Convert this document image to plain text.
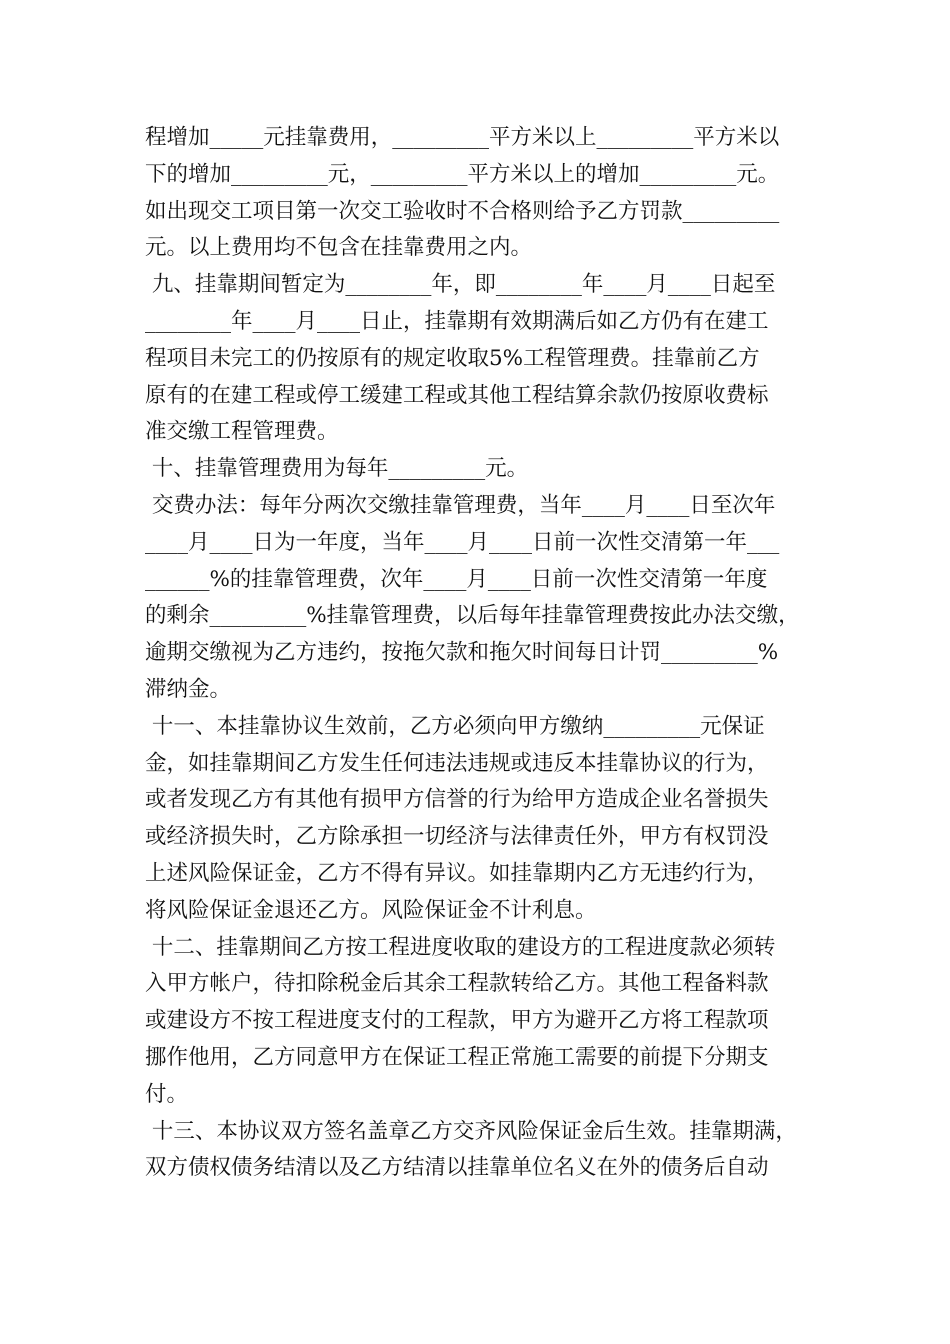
程增加_____元挂靠费用，_________平方米以上_________平方米以
下的增加_________元，_________平方米以上的增加_________元。
如出现交工项目第一次交工验收时不合格则给予乙方罚款_________
元。以上费用均不包含在挂靠费用之内。
九、挂靠期间暂定为________年，即________年____月____日起至
________年____月____日止，挂靠期有效期满后如乙方仍有在建工
程项目未完工的仍按原有的规定收取5%工程管理费。挂靠前乙方
原有的在建工程或停工缓建工程或其他工程结算余款仍按原收费标
准交缴工程管理费。
十、挂靠管理费用为每年_________元。
交费办法：每年分两次交缴挂靠管理费，当年____月____日至次年
____月____日为一年度，当年____月____日前一次性交清第一年___
______%的挂靠管理费，次年____月____日前一次性交清第一年度
的剩余_________%挂靠管理费，以后每年挂靠管理费按此办法交缴，
逾期交缴视为乙方违约，按拖欠款和拖欠时间每日计罚_________%
滞纳金。
十一、本挂靠协议生效前，乙方必须向甲方缴纳_________元保证
金，如挂靠期间乙方发生任何违法违规或违反本挂靠协议的行为，
或者发现乙方有其他有损甲方信誉的行为给甲方造成企业名誉损失
或经济损失时，乙方除承担一切经济与法律责任外，甲方有权罚没
上述风险保证金，乙方不得有异议。如挂靠期内乙方无违约行为，
将风险保证金退还乙方。风险保证金不计利息。
十二、挂靠期间乙方按工程进度收取的建设方的工程进度款必须转
入甲方帐户，待扣除税金后其余工程款转给乙方。其他工程备料款
或建设方不按工程进度支付的工程款，甲方为避开乙方将工程款项
挪作他用，乙方同意甲方在保证工程正常施工需要的前提下分期支
付。
十三、本协议双方签名盖章乙方交齐风险保证金后生效。挂靠期满，
双方债权债务结清以及乙方结清以挂靠单位名义在外的债务后自动
